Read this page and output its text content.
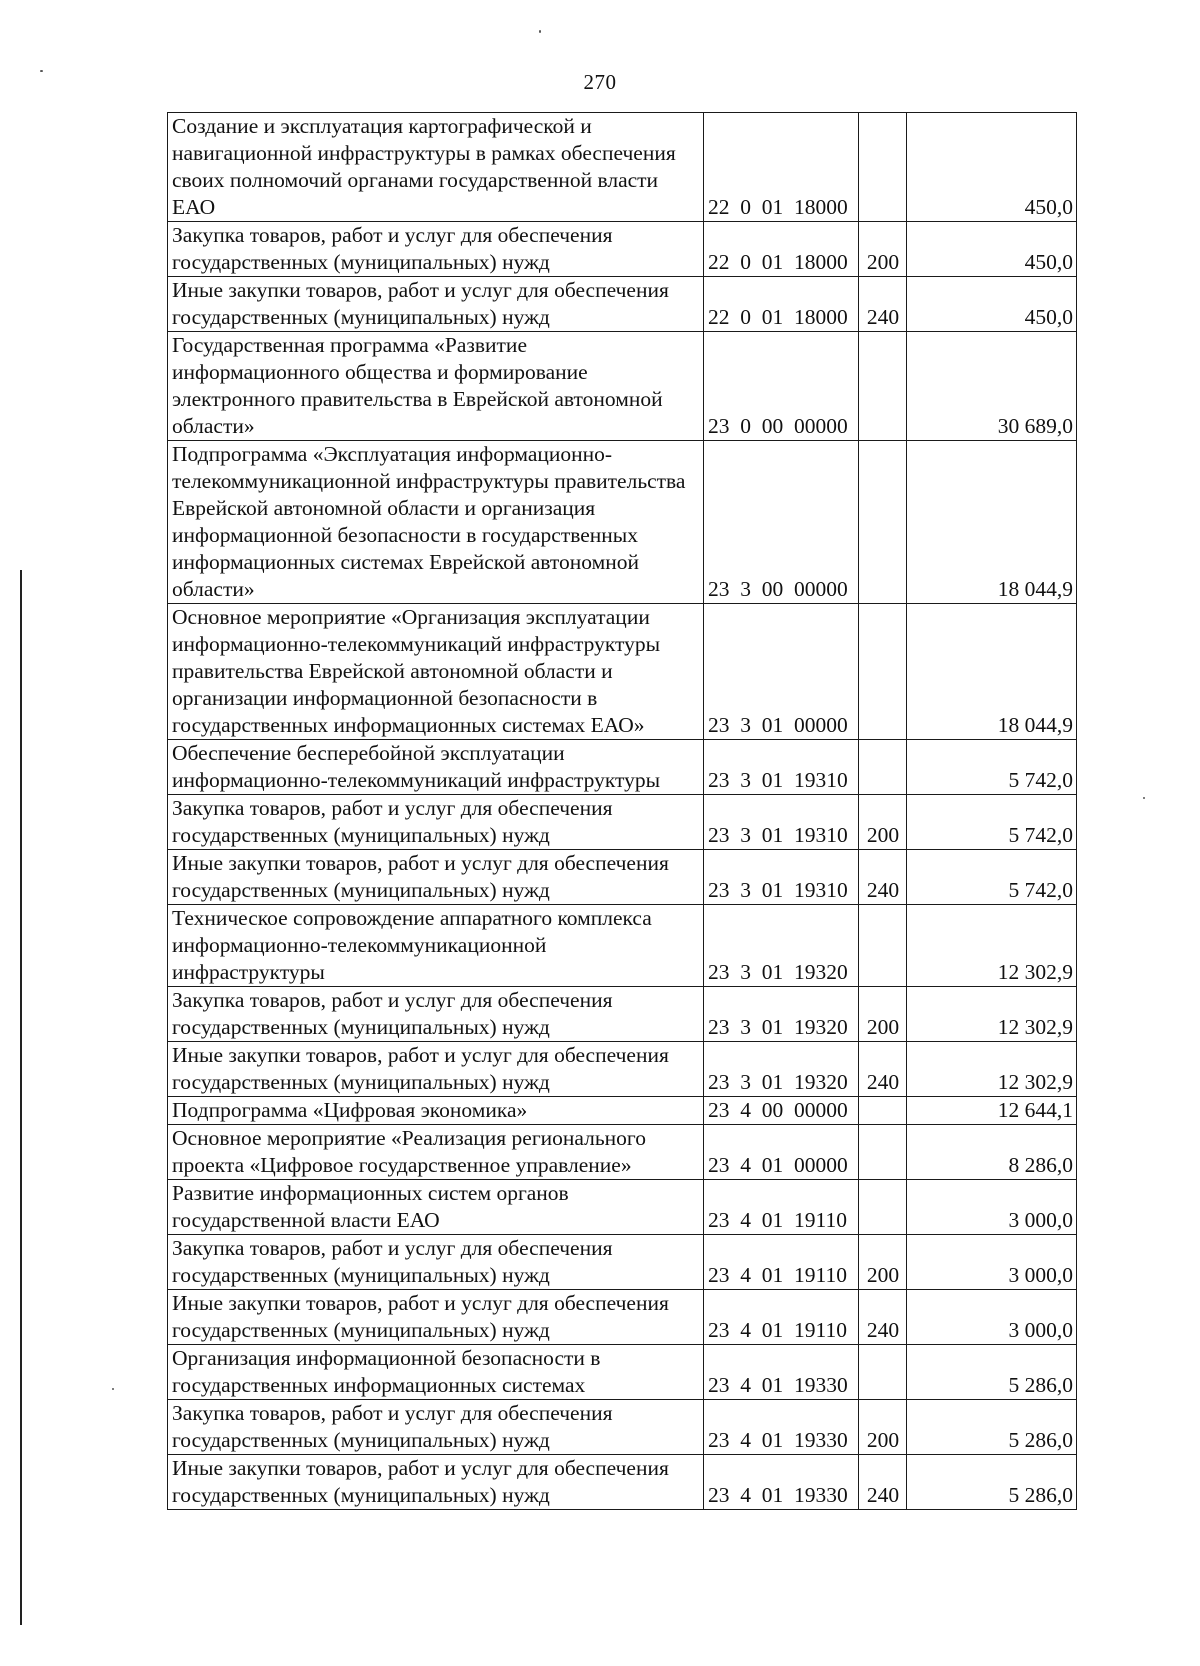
270
Создание и эксплуатация картографической и навигационной инфраструктуры в рамках обеспечения своих полномочий органами государственной власти ЕАО	22  0  01  18000		450,0
Закупка товаров, работ и услуг для обеспечения государственных (муниципальных) нужд	22  0  01  18000	200	450,0
Иные закупки товаров, работ и услуг для обеспечения государственных (муниципальных) нужд	22  0  01  18000	240	450,0
Государственная программа «Развитие информационного общества и формирование электронного правительства в Еврейской автономной области»	23  0  00  00000		30 689,0
Подпрограмма «Эксплуатация информационно-телекоммуникационной инфраструктуры правительства Еврейской автономной области и организация информационной безопасности в государственных информационных системах Еврейской автономной области»	23  3  00  00000		18 044,9
Основное мероприятие «Организация эксплуатации информационно-телекоммуникаций инфраструктуры правительства Еврейской автономной области и организации информационной безопасности в государственных информационных системах ЕАО»	23  3  01  00000		18 044,9
Обеспечение бесперебойной эксплуатации информационно-телекоммуникаций инфраструктуры	23  3  01  19310		5 742,0
Закупка товаров, работ и услуг для обеспечения государственных (муниципальных) нужд	23  3  01  19310	200	5 742,0
Иные закупки товаров, работ и услуг для обеспечения государственных (муниципальных) нужд	23  3  01  19310	240	5 742,0
Техническое сопровождение аппаратного комплекса информационно-телекоммуникационной инфраструктуры	23  3  01  19320		12 302,9
Закупка товаров, работ и услуг для обеспечения государственных (муниципальных) нужд	23  3  01  19320	200	12 302,9
Иные закупки товаров, работ и услуг для обеспечения государственных (муниципальных) нужд	23  3  01  19320	240	12 302,9
Подпрограмма «Цифровая экономика»	23  4  00  00000		12 644,1
Основное мероприятие «Реализация регионального проекта «Цифровое государственное управление»	23  4  01  00000		8 286,0
Развитие информационных систем органов государственной власти ЕАО	23  4  01  19110		3 000,0
Закупка товаров, работ и услуг для обеспечения государственных (муниципальных) нужд	23  4  01  19110	200	3 000,0
Иные закупки товаров, работ и услуг для обеспечения государственных (муниципальных) нужд	23  4  01  19110	240	3 000,0
Организация информационной безопасности в государственных информационных системах	23  4  01  19330		5 286,0
Закупка товаров, работ и услуг для обеспечения государственных (муниципальных) нужд	23  4  01  19330	200	5 286,0
Иные закупки товаров, работ и услуг для обеспечения государственных (муниципальных) нужд	23  4  01  19330	240	5 286,0
